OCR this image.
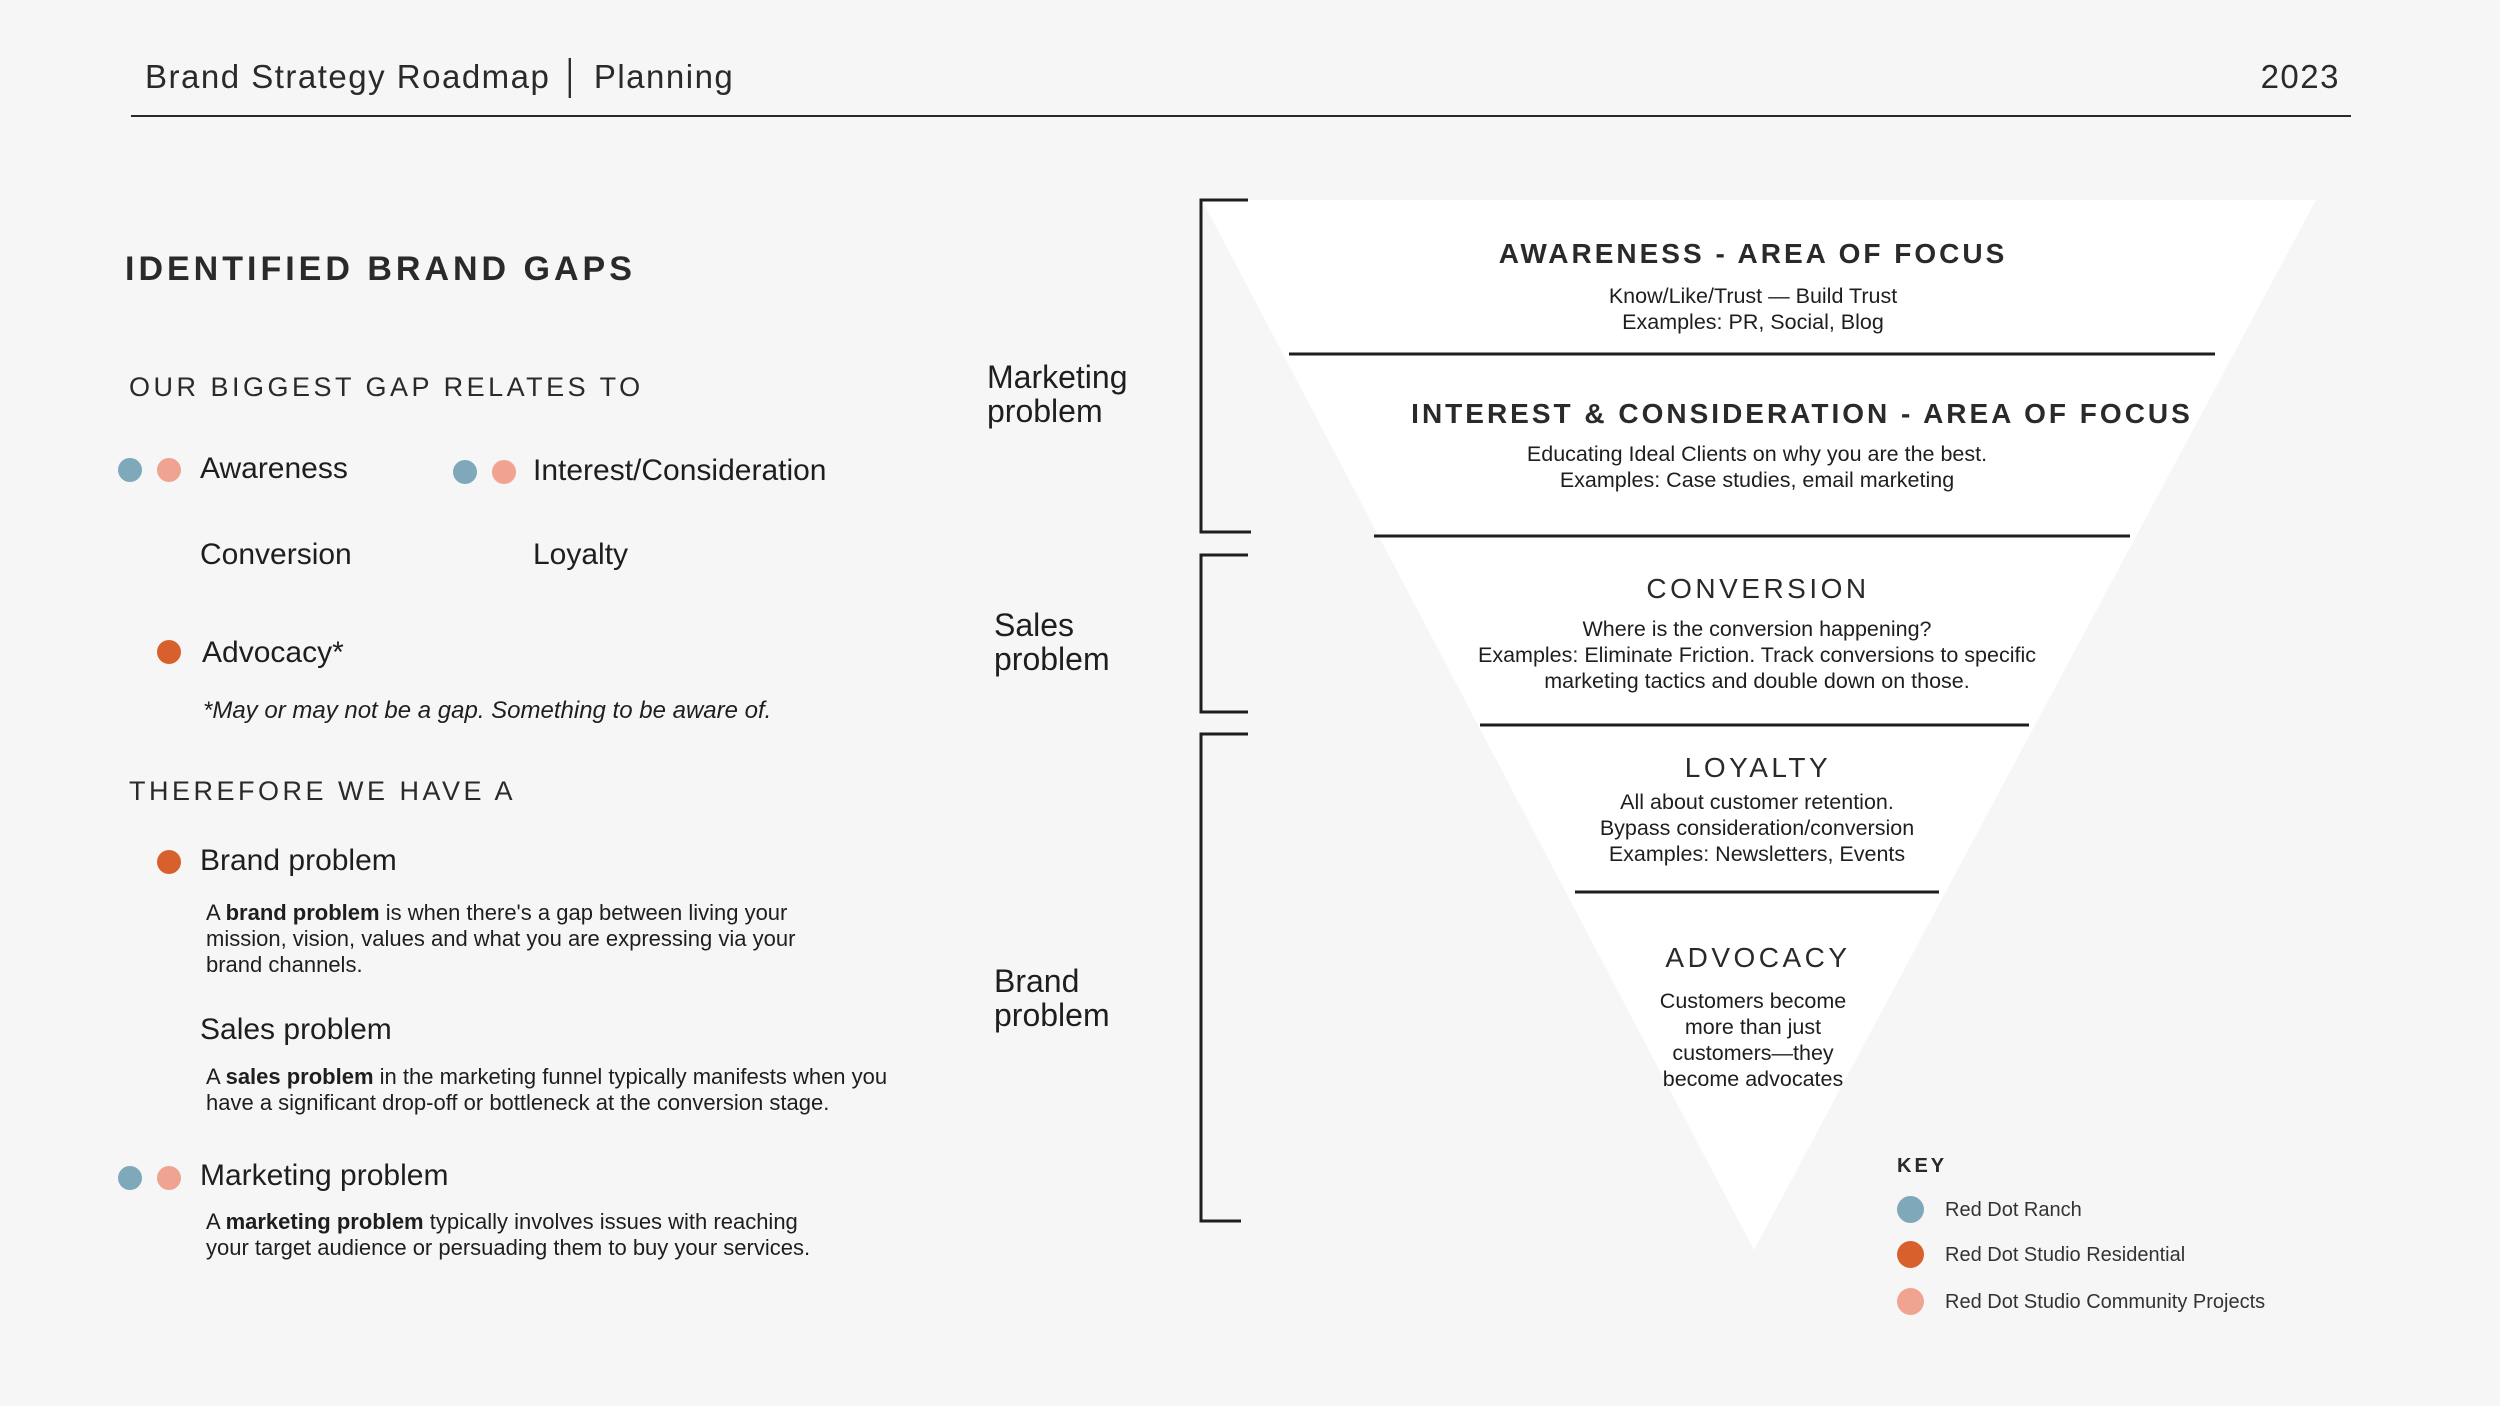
Brand Strategy Roadmap │ Planning	2023
IDENTIFIED BRAND GAPS
OUR BIGGEST GAP RELATES TO
Awareness	Interest/Consideration
Conversion	Loyalty
Advocacy*
*May or may not be a gap. Something to be aware of.
THEREFORE WE HAVE A
Brand problem
A brand problem is when there's a gap between living your
mission, vision, values and what you are expressing via your
brand channels.
Sales problem
A sales problem in the marketing funnel typically manifests when you
have a significant drop-off or bottleneck at the conversion stage.
Marketing problem
A marketing problem typically involves issues with reaching
your target audience or persuading them to buy your services.
Marketing
problem
Sales
problem
Brand
problem
AWARENESS - AREA OF FOCUS
Know/Like/Trust — Build Trust
Examples: PR, Social, Blog
INTEREST & CONSIDERATION - AREA OF FOCUS
Educating Ideal Clients on why you are the best.
Examples: Case studies, email marketing
CONVERSION
Where is the conversion happening?
Examples: Eliminate Friction. Track conversions to specific
marketing tactics and double down on those.
LOYALTY
All about customer retention.
Bypass consideration/conversion
Examples: Newsletters, Events
ADVOCACY
Customers become
more than just
customers—they
become advocates
KEY
Red Dot Ranch
Red Dot Studio Residential
Red Dot Studio Community Projects
